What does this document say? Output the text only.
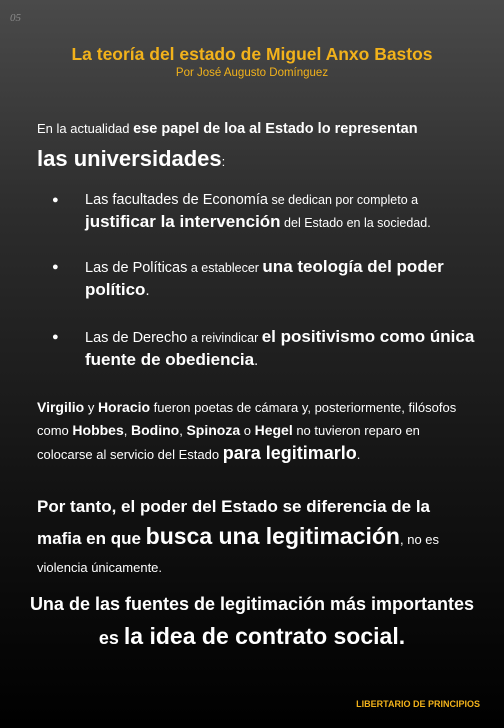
05
La teoría del estado de Miguel Anxo Bastos
Por José Augusto Domínguez
En la actualidad ese papel de loa al Estado lo representan
las universidades:
● Las facultades de Economía se dedican por completo a justificar la intervención del Estado en la sociedad.
● Las de Políticas a establecer una teología del poder político.
● Las de Derecho a reivindicar el positivismo como única fuente de obediencia.
Virgilio y Horacio fueron poetas de cámara y, posteriormente, filósofos como Hobbes, Bodino, Spinoza o Hegel no tuvieron reparo en colocarse al servicio del Estado para legitimarlo.
Por tanto, el poder del Estado se diferencia de la mafia en que busca una legitimación, no es violencia únicamente.
Una de las fuentes de legitimación más importantes es la idea de contrato social.
LIBERTARIO DE PRINCIPIOS
